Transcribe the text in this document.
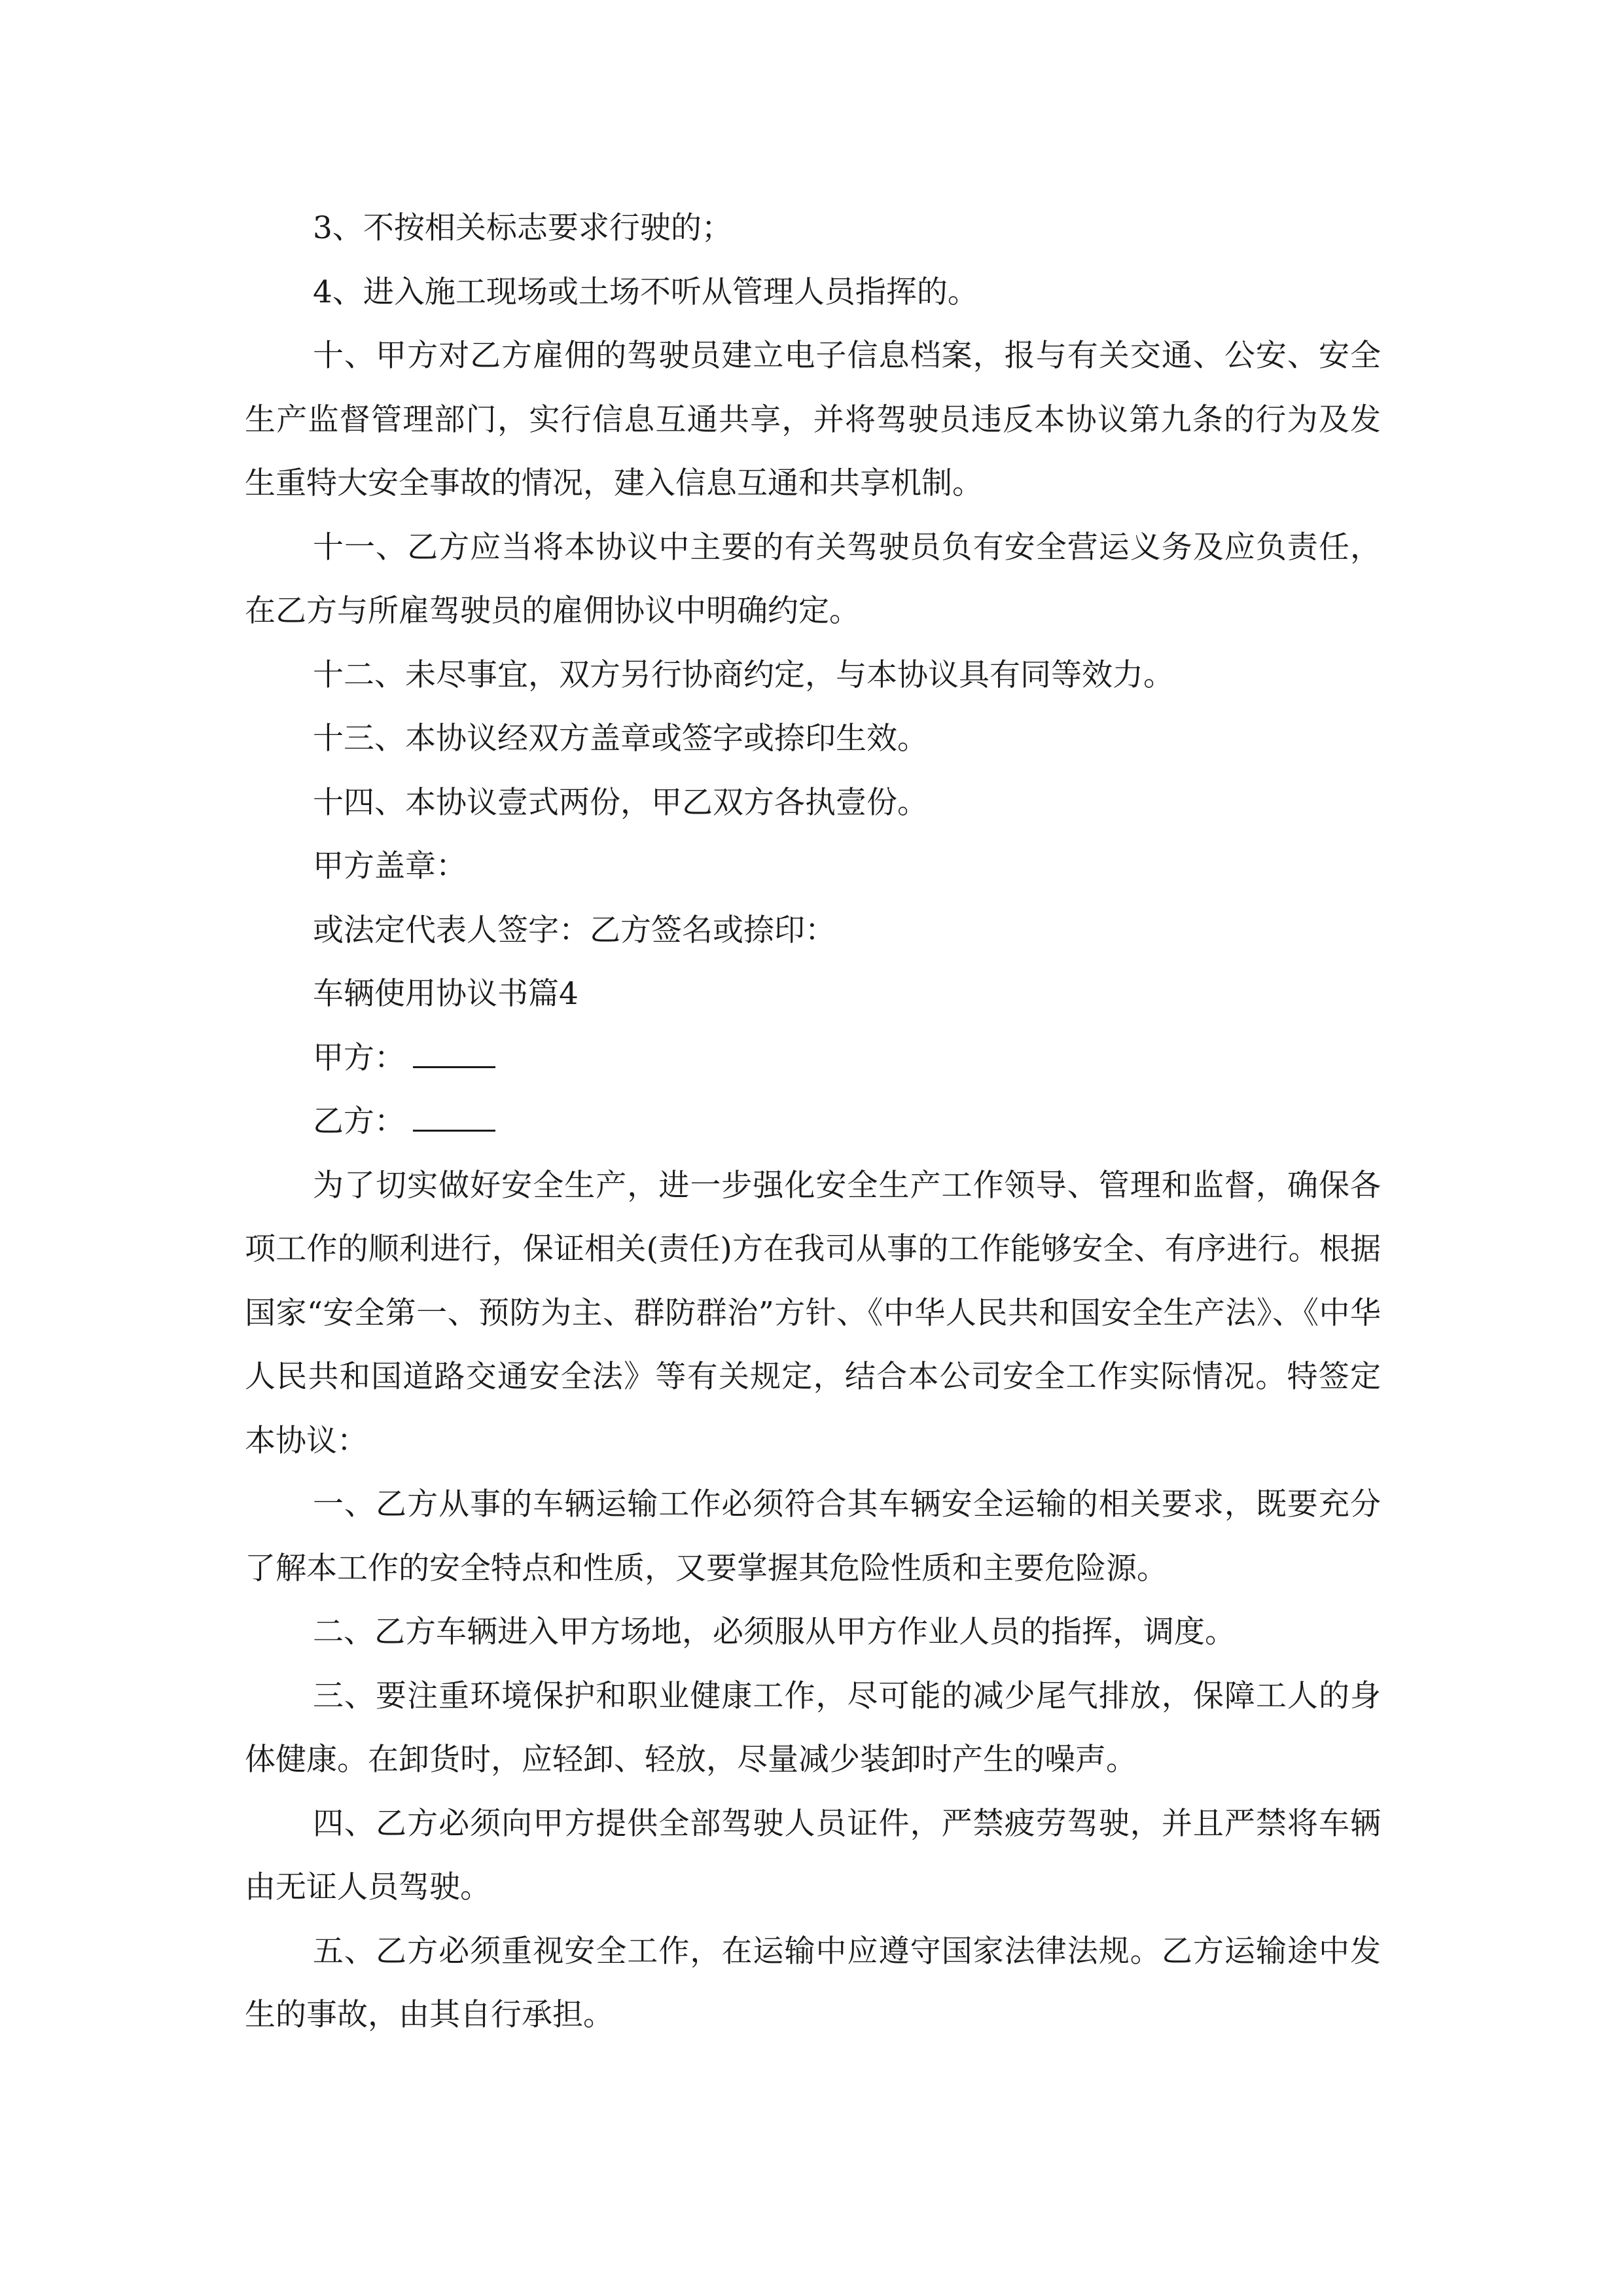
3、不按相关标志要求行驶的；

4、进入施工现场或土场不听从管理人员指挥的。

十、甲方对乙方雇佣的驾驶员建立电子信息档案，报与有关交通、公安、安全生产监督管理部门，实行信息互通共享，并将驾驶员违反本协议第九条的行为及发生重特大安全事故的情况，建入信息互通和共享机制。

十一、乙方应当将本协议中主要的有关驾驶员负有安全营运义务及应负责任，在乙方与所雇驾驶员的雇佣协议中明确约定。

十二、未尽事宜，双方另行协商约定，与本协议具有同等效力。

十三、本协议经双方盖章或签字或捺印生效。

十四、本协议壹式两份，甲乙双方各执壹份。

甲方盖章：

或法定代表人签字：乙方签名或捺印：

车辆使用协议书篇4

甲方：

乙方：

为了切实做好安全生产，进一步强化安全生产工作领导、管理和监督，确保各项工作的顺利进行，保证相关(责任)方在我司从事的工作能够安全、有序进行。根据国家“安全第一、预防为主、群防群治”方针、《中华人民共和国安全生产法》、《中华人民共和国道路交通安全法》等有关规定，结合本公司安全工作实际情况。特签定本协议：

一、乙方从事的车辆运输工作必须符合其车辆安全运输的相关要求，既要充分了解本工作的安全特点和性质，又要掌握其危险性质和主要危险源。

二、乙方车辆进入甲方场地，必须服从甲方作业人员的指挥，调度。

三、要注重环境保护和职业健康工作，尽可能的减少尾气排放，保障工人的身体健康。在卸货时，应轻卸、轻放，尽量减少装卸时产生的噪声。

四、乙方必须向甲方提供全部驾驶人员证件，严禁疲劳驾驶，并且严禁将车辆由无证人员驾驶。

五、乙方必须重视安全工作，在运输中应遵守国家法律法规。乙方运输途中发生的事故，由其自行承担。
